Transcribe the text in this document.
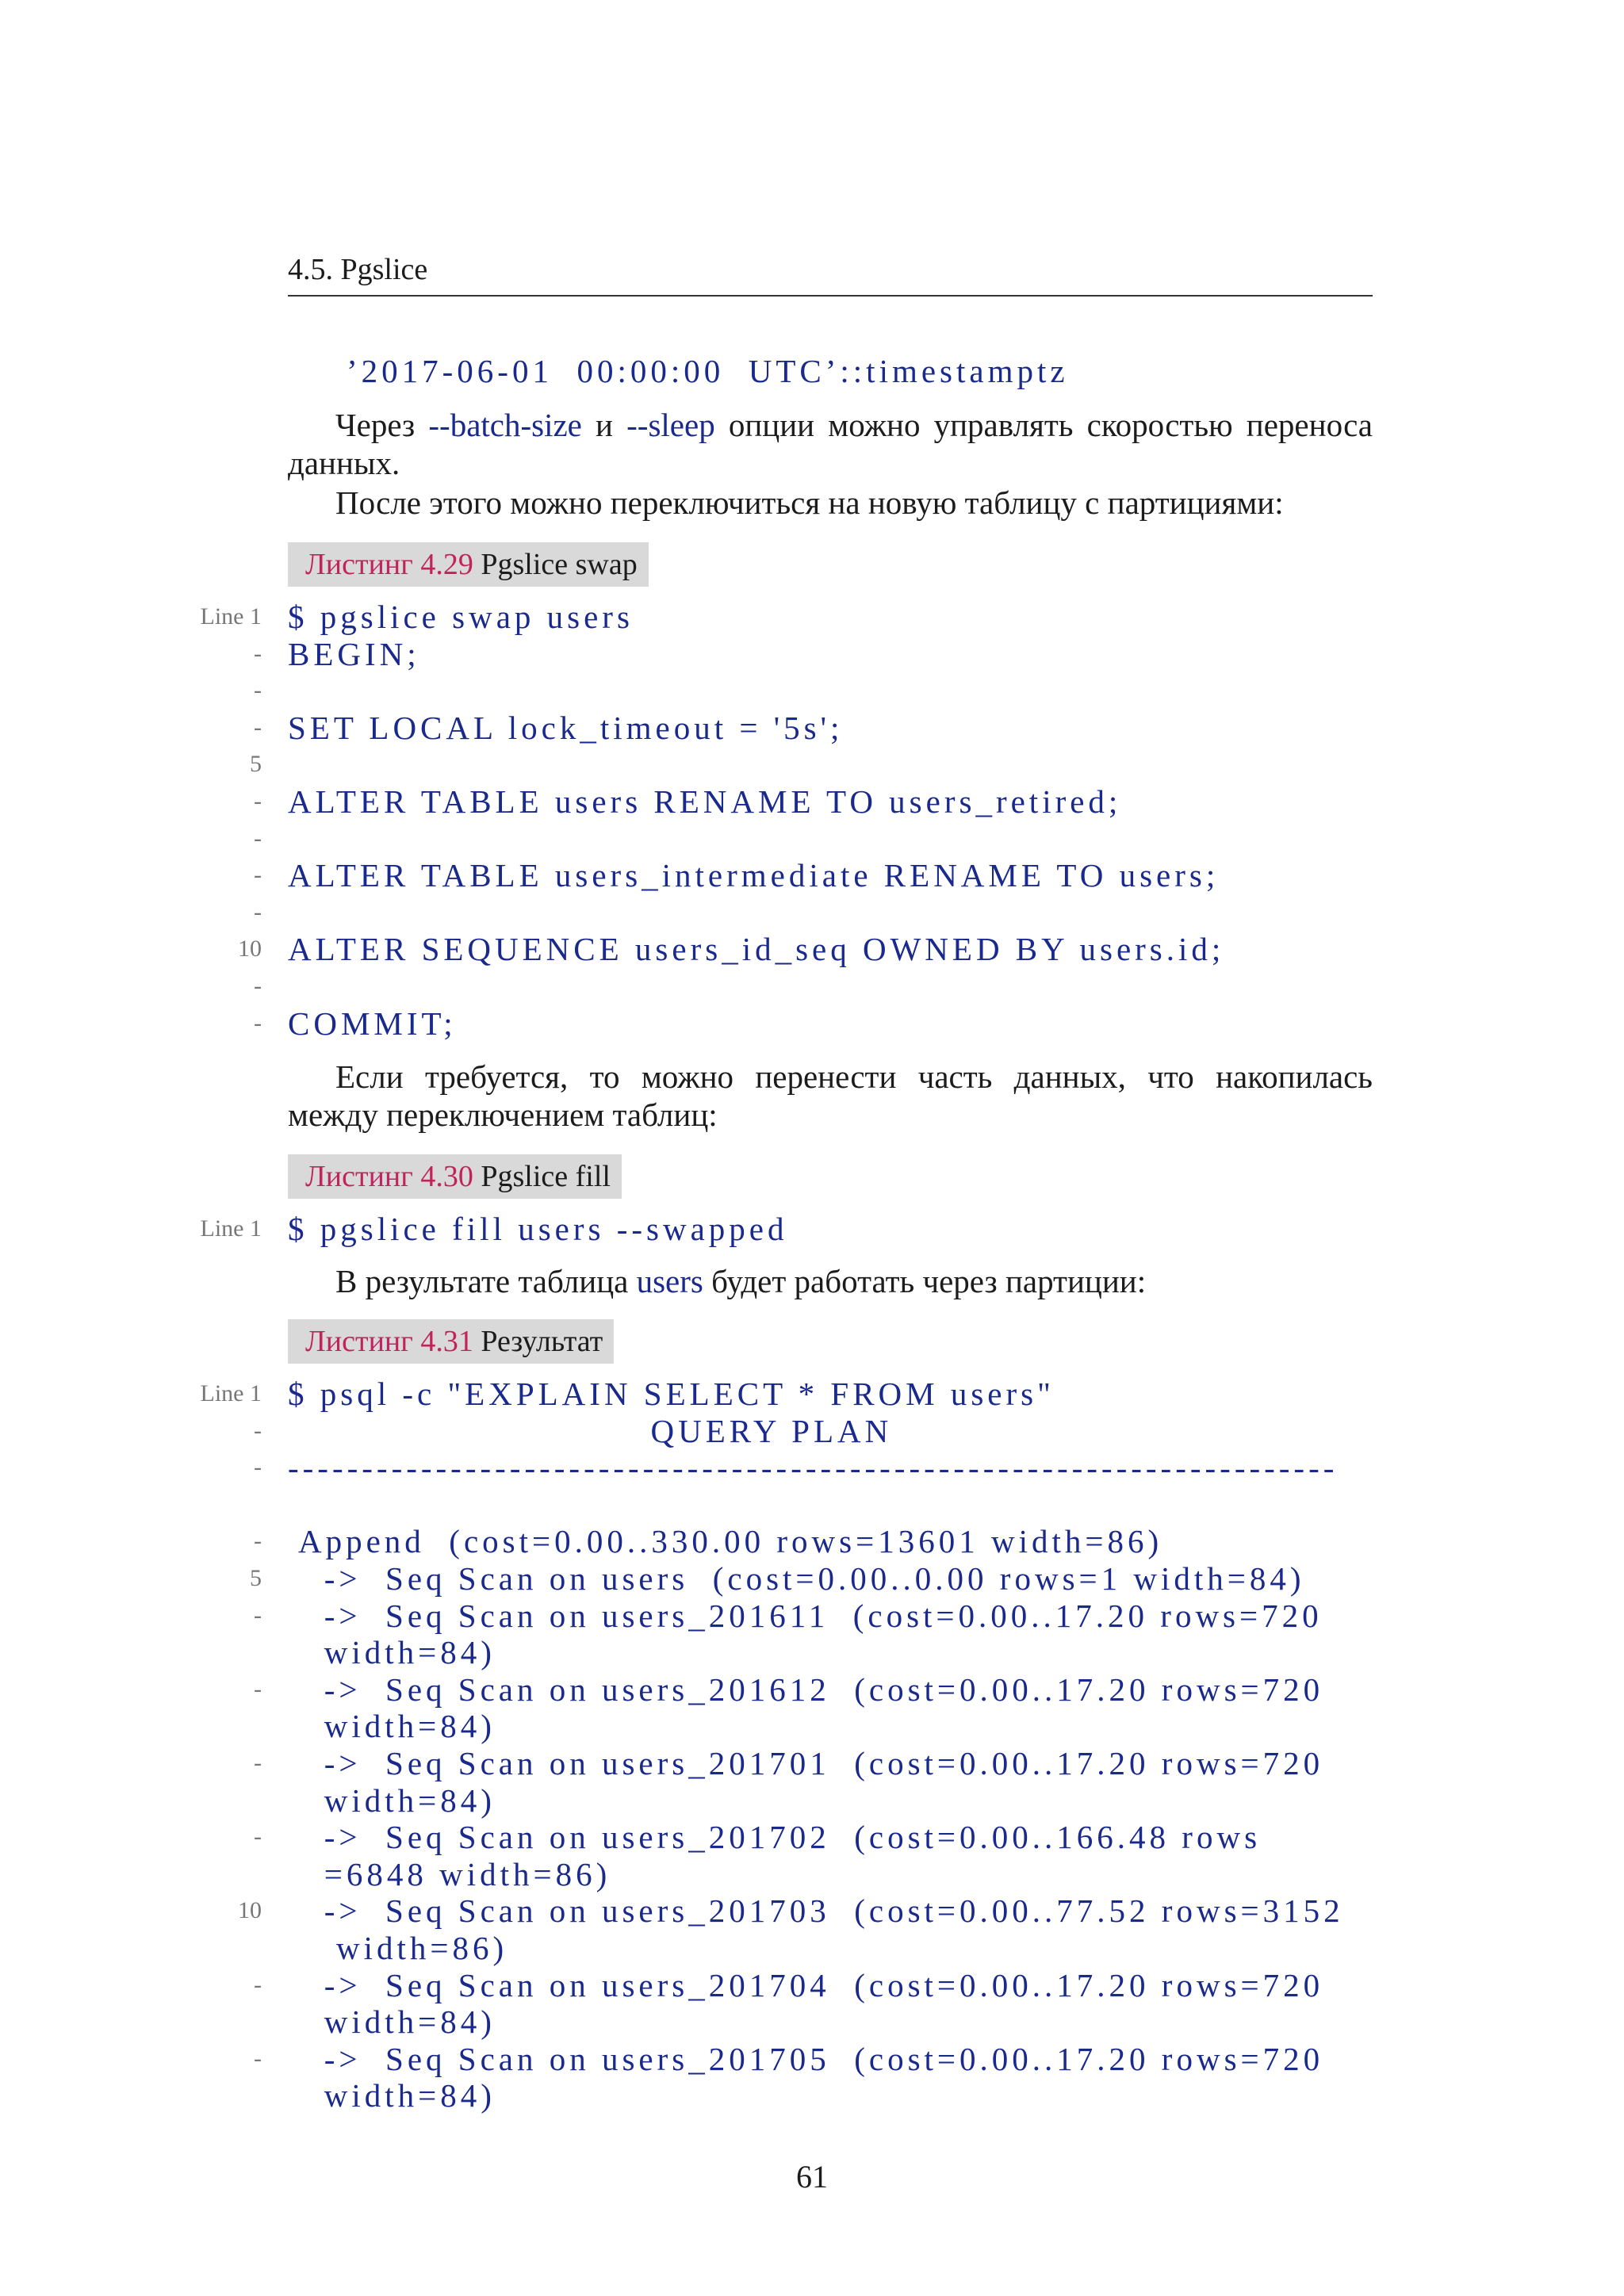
4.5. Pgslice
’2017-06-01  00:00:00  UTC’::timestamptz
Через --batch-size и --sleep опции можно управлять скоростью переноса
данных.
После этого можно переключиться на новую таблицу с партициями:
Листинг 4.29 Pgslice swap
Line 1 $ pgslice swap users
- BEGIN;
-
- SET LOCAL lock_timeout = '5s';
5
- ALTER TABLE users RENAME TO users_retired;
-
- ALTER TABLE users_intermediate RENAME TO users;
-
10 ALTER SEQUENCE users_id_seq OWNED BY users.id;
-
- COMMIT;
Если требуется, то можно перенести часть данных, что накопилась
между переключением таблиц:
Листинг 4.30 Pgslice fill
Line 1 $ pgslice fill users --swapped
В результате таблица users будет работать через партиции:
Листинг 4.31 Результат
Line 1 $ psql -c "EXPLAIN SELECT * FROM users"
- QUERY PLAN
- -----------------------------------------------------------------------
- Append  (cost=0.00..330.00 rows=13601 width=86)
5 ->  Seq Scan on users  (cost=0.00..0.00 rows=1 width=84)
- ->  Seq Scan on users_201611  (cost=0.00..17.20 rows=720
width=84)
- ->  Seq Scan on users_201612  (cost=0.00..17.20 rows=720
width=84)
- ->  Seq Scan on users_201701  (cost=0.00..17.20 rows=720
width=84)
- ->  Seq Scan on users_201702  (cost=0.00..166.48 rows
=6848 width=86)
10 ->  Seq Scan on users_201703  (cost=0.00..77.52 rows=3152
width=86)
- ->  Seq Scan on users_201704  (cost=0.00..17.20 rows=720
width=84)
- ->  Seq Scan on users_201705  (cost=0.00..17.20 rows=720
width=84)
61
